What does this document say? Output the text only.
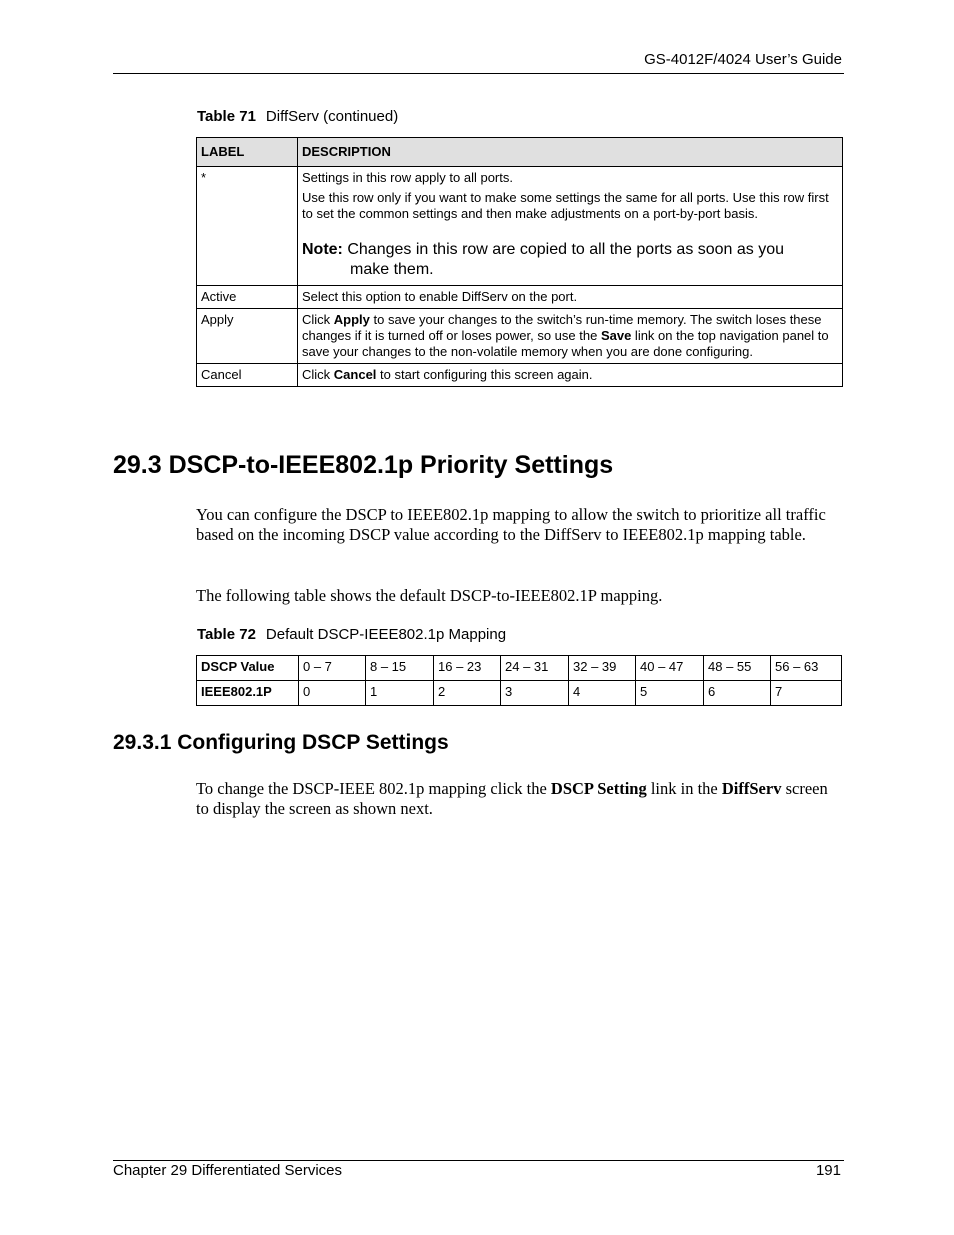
GS-4012F/4024 User’s Guide
Table 71 DiffServ (continued)
LABEL	DESCRIPTION
*	Settings in this row apply to all ports.

Use this row only if you want to make some settings the same for all ports. Use this row first to set the common settings and then make adjustments on a port-by-port basis.

Note: Changes in this row are copied to all the ports as soon as you
make them.

Active	Select this option to enable DiffServ on the port.
Apply	Click Apply to save your changes to the switch’s run-time memory. The switch loses these changes if it is turned off or loses power, so use the Save link on the top navigation panel to save your changes to the non-volatile memory when you are done configuring.
Cancel	Click Cancel to start configuring this screen again.
29.3 DSCP-to-IEEE802.1p Priority Settings

You can configure the DSCP to IEEE802.1p mapping to allow the switch to prioritize all traffic based on the incoming DSCP value according to the DiffServ to IEEE802.1p mapping table.

The following table shows the default DSCP-to-IEEE802.1P mapping.

Table 72 Default DSCP-IEEE802.1p Mapping
DSCP Value	0 – 7	8 – 15	16 – 23	24 – 31	32 – 39	40 – 47	48 – 55	56 – 63
IEEE802.1P	0	1	2	3	4	5	6	7
29.3.1 Configuring DSCP Settings

To change the DSCP-IEEE 802.1p mapping click the DSCP Setting link in the DiffServ screen to display the screen as shown next.

Chapter 29 Differentiated Services	191
